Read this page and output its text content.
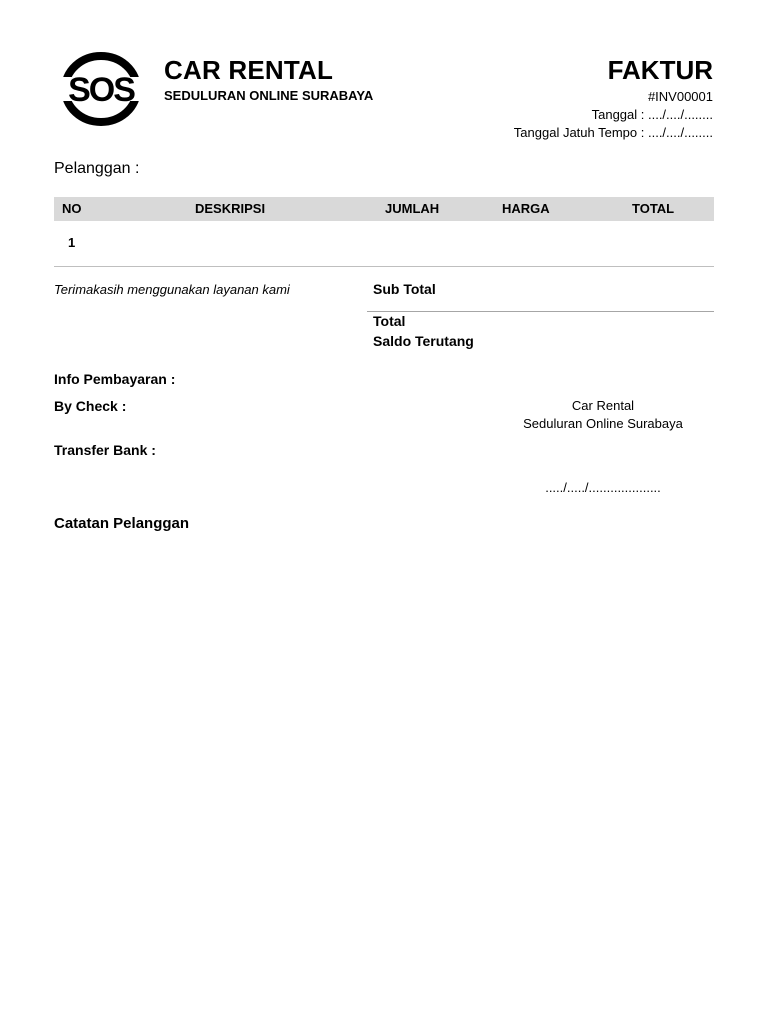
SOS
CAR RENTAL
SEDULURAN ONLINE SURABAYA
FAKTUR
#INV00001
Tanggal : ..../..../........
Tanggal Jatuh Tempo : ..../..../........
Pelanggan :
NO	DESKRIPSI	JUMLAH	HARGA	TOTAL
1
Terimakasih menggunakan layanan kami	Sub Total
Total
Saldo Terutang
Info Pembayaran :
By Check :
Transfer Bank :
Car Rental
Seduluran Online Surabaya
...../...../....................
Catatan Pelanggan
